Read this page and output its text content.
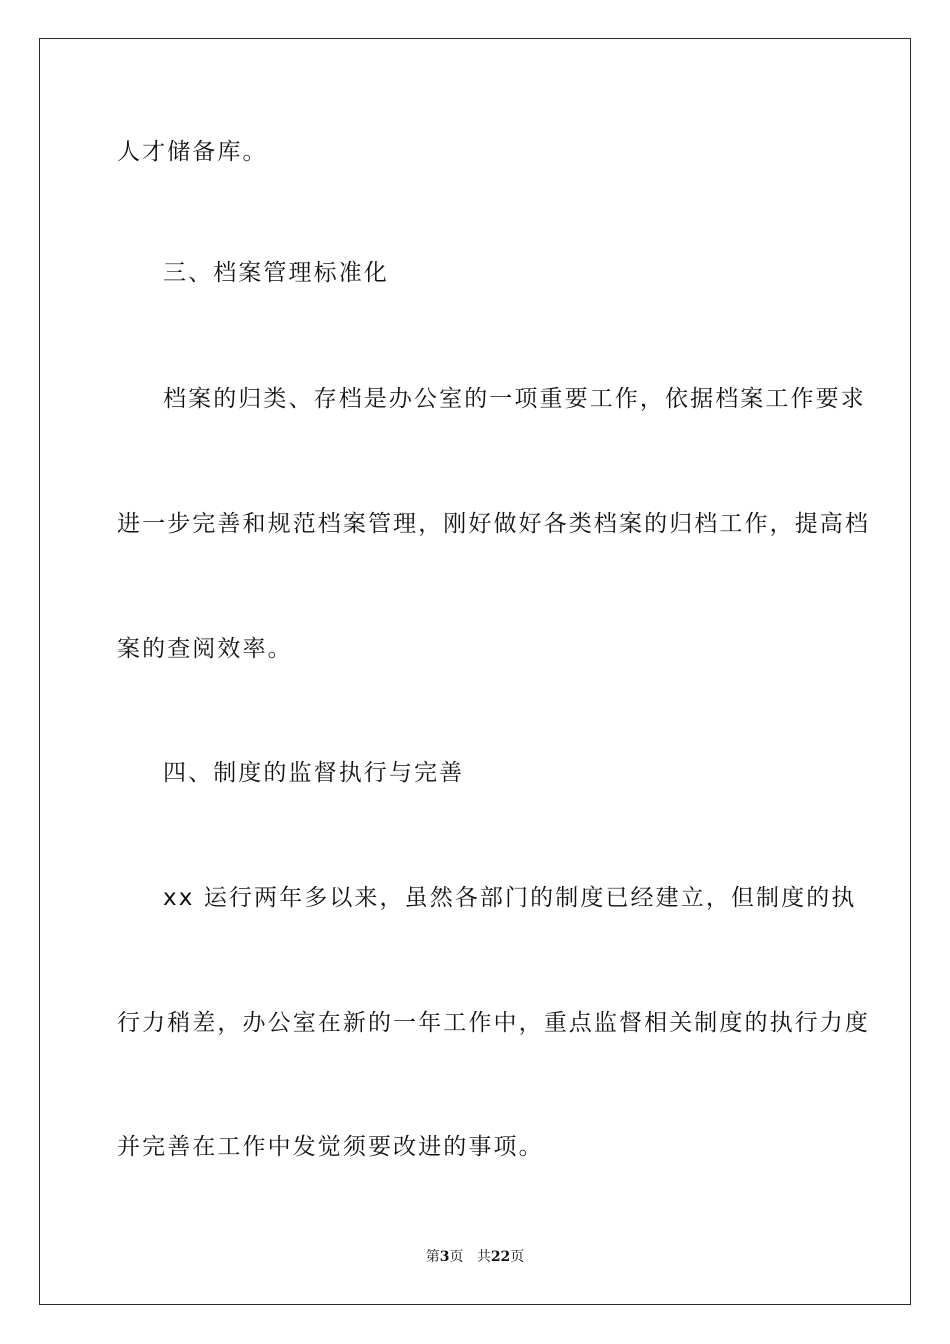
人才储备库。
三、档案管理标准化
档案的归类、存档是办公室的一项重要工作，依据档案工作要求
进一步完善和规范档案管理，刚好做好各类档案的归档工作，提高档
案的查阅效率。
四、制度的监督执行与完善
xx 运行两年多以来，虽然各部门的制度已经建立，但制度的执
行力稍差，办公室在新的一年工作中，重点监督相关制度的执行力度
并完善在工作中发觉须要改进的事项。
第3页 共22页
